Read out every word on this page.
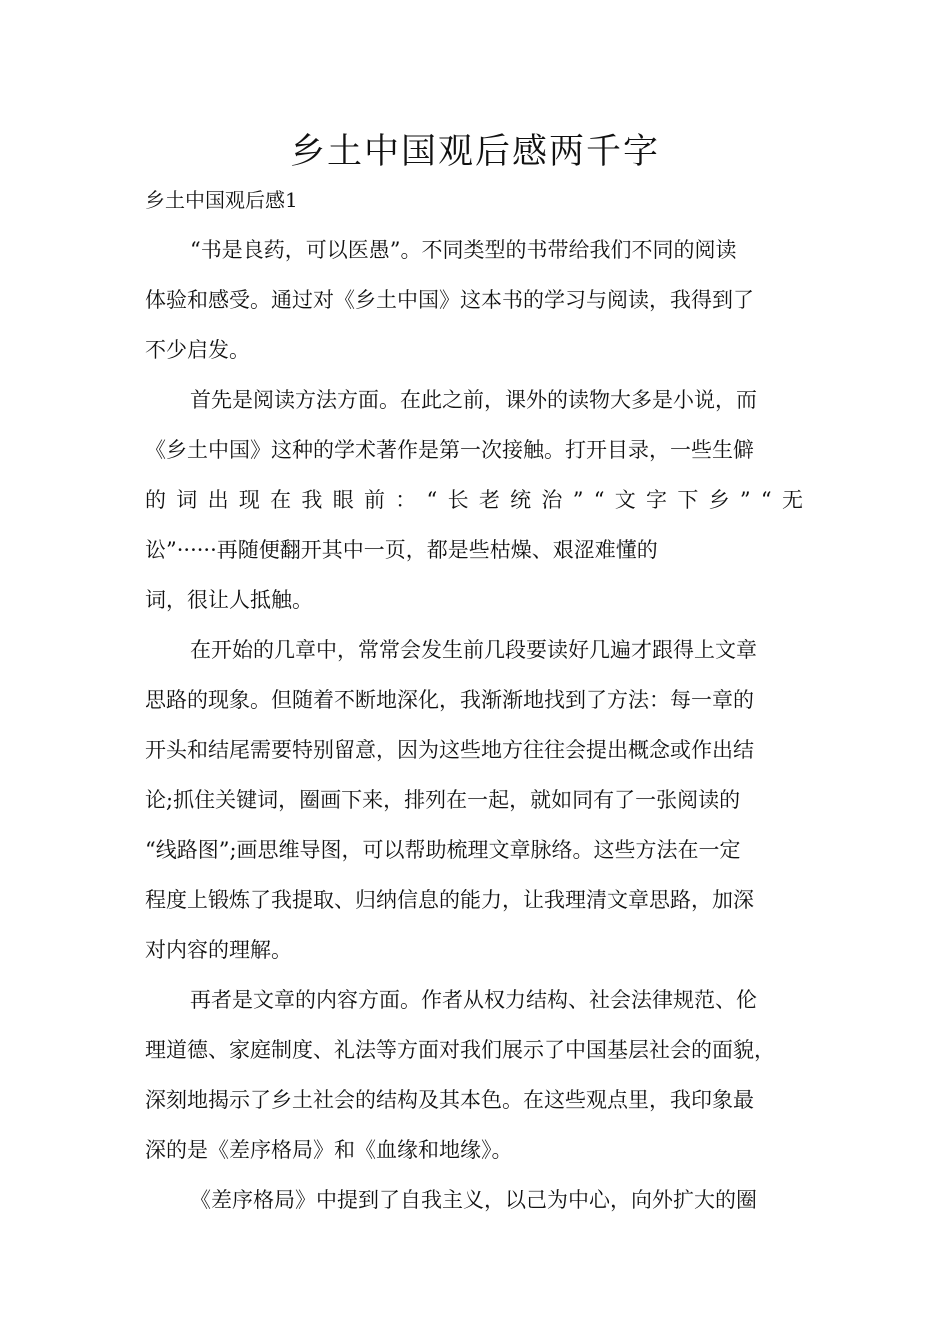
乡土中国观后感两千字
乡土中国观后感1
“书是良药，可以医愚”。不同类型的书带给我们不同的阅读
体验和感受。通过对《乡土中国》这本书的学习与阅读，我得到了
不少启发。
首先是阅读方法方面。在此之前，课外的读物大多是小说，而
《乡土中国》这种的学术著作是第一次接触。打开目录，一些生僻
的 词 出 现 在 我 眼 前 ： “ 长 老 统 治 ” “ 文 字 下 乡 ” “ 无
讼”······再随便翻开其中一页，都是些枯燥、艰涩难懂的
词，很让人抵触。
在开始的几章中，常常会发生前几段要读好几遍才跟得上文章
思路的现象。但随着不断地深化，我渐渐地找到了方法：每一章的
开头和结尾需要特别留意，因为这些地方往往会提出概念或作出结
论;抓住关键词，圈画下来，排列在一起，就如同有了一张阅读的
“线路图”;画思维导图，可以帮助梳理文章脉络。这些方法在一定
程度上锻炼了我提取、归纳信息的能力，让我理清文章思路，加深
对内容的理解。
再者是文章的内容方面。作者从权力结构、社会法律规范、伦
理道德、家庭制度、礼法等方面对我们展示了中国基层社会的面貌，
深刻地揭示了乡土社会的结构及其本色。在这些观点里，我印象最
深的是《差序格局》和《血缘和地缘》。
《差序格局》中提到了自我主义，以己为中心，向外扩大的圈
